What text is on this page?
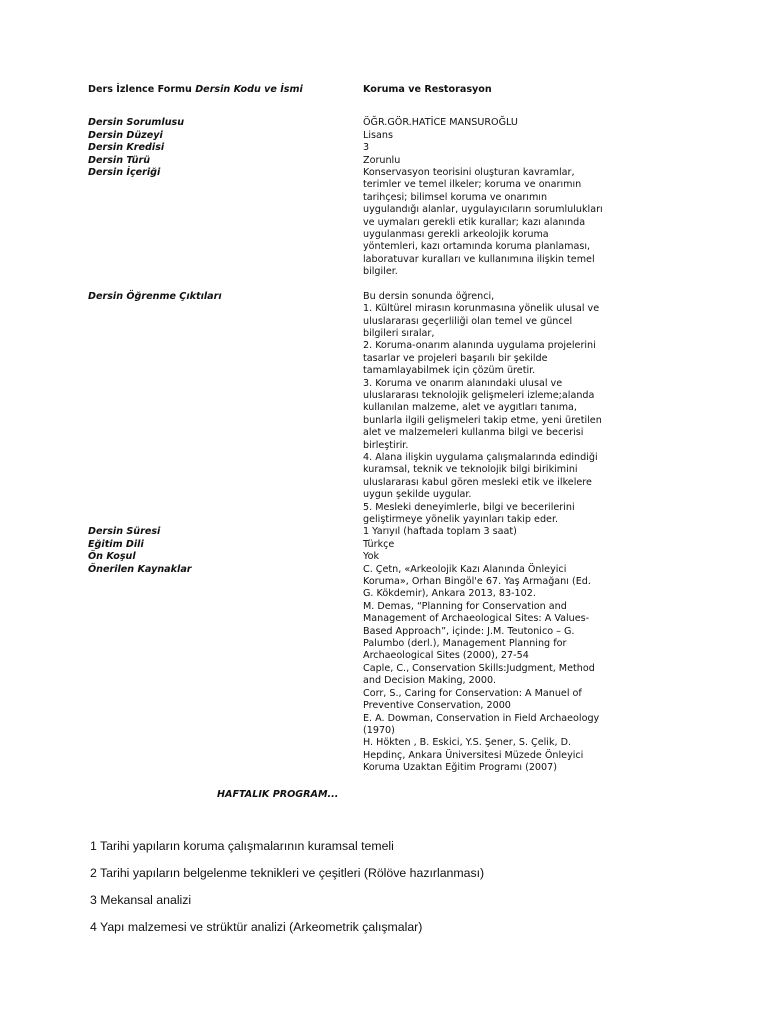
Ders İzlence Formu Dersin Kodu ve İsmi	Koruma ve Restorasyon
Dersin Sorumlusu	ÖĞR.GÖR.HATİCE MANSUROĞLU
Dersin Düzeyi	Lisans
Dersin Kredisi	3
Dersin Türü	Zorunlu
Dersin İçeriği	Konservasyon teorisini oluşturan kavramlar,
terimler ve temel ilkeler; koruma ve onarımın
tarihçesi; bilimsel koruma ve onarımın
uygulandığı alanlar, uygulayıcıların sorumlulukları
ve uymaları gerekli etik kurallar; kazı alanında
uygulanması gerekli arkeolojik koruma
yöntemleri, kazı ortamında koruma planlaması,
laboratuvar kuralları ve kullanımına ilişkin temel
bilgiler.
Dersin Öğrenme Çıktıları	Bu dersin sonunda öğrenci,
1. Kültürel mirasın korunmasına yönelik ulusal ve
uluslararası geçerliliği olan temel ve güncel
bilgileri sıralar,
2. Koruma-onarım alanında uygulama projelerini
tasarlar ve projeleri başarılı bir şekilde
tamamlayabilmek için çözüm üretir.
3. Koruma ve onarım alanındaki ulusal ve
uluslararası teknolojik gelişmeleri izleme;alanda
kullanılan malzeme, alet ve aygıtları tanıma,
bunlarla ilgili gelişmeleri takip etme, yeni üretilen
alet ve malzemeleri kullanma bilgi ve becerisi
birleştirir.
4. Alana ilişkin uygulama çalışmalarında edindiği
kuramsal, teknik ve teknolojik bilgi birikimini
uluslararası kabul gören mesleki etik ve ilkelere
uygun şekilde uygular.
5. Mesleki deneyimlerle, bilgi ve becerilerini
geliştirmeye yönelik yayınları takip eder.
Dersin Süresi	1 Yarıyıl (haftada toplam 3 saat)
Eğitim Dili	Türkçe
Ön Koşul	Yok
Önerilen Kaynaklar	C. Çetn, «Arkeolojik Kazı Alanında Önleyici
Koruma», Orhan Bingöl'e 67. Yaş Armağanı (Ed.
G. Kökdemir), Ankara 2013, 83-102.
M. Demas, “Planning for Conservation and
Management of Archaeological Sites: A Values-
Based Approach”, içinde: J.M. Teutonico – G.
Palumbo (derl.), Management Planning for
Archaeological Sites (2000), 27-54
Caple, C., Conservation Skills:Judgment, Method
and Decision Making, 2000.
Corr, S., Caring for Conservation: A Manuel of
Preventive Conservation, 2000
E. A. Dowman, Conservation in Field Archaeology
(1970)
H. Hökten , B. Eskici, Y.S. Şener, S. Çelik, D.
Hepdinç, Ankara Üniversitesi Müzede Önleyici
Koruma Uzaktan Eğitim Programı (2007)
HAFTALIK PROGRAM...
1 Tarihi yapıların koruma çalışmalarının kuramsal temeli
2 Tarihi yapıların belgelenme teknikleri ve çeşitleri (Rölöve hazırlanması)
3 Mekansal analizi
4 Yapı malzemesi ve strüktür analizi (Arkeometrik çalışmalar)
